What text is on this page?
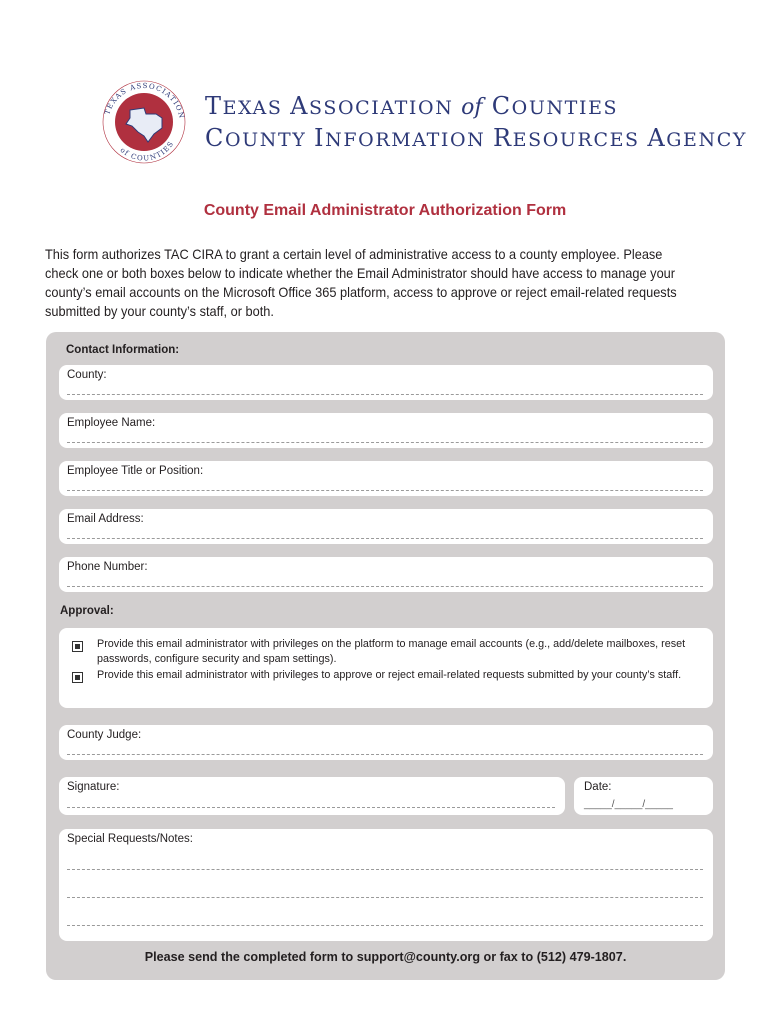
TEXAS ASSOCIATION
of COUNTIES
TEXAS ASSOCIATION of COUNTIES
COUNTY INFORMATION RESOURCES AGENCY
County Email Administrator Authorization Form
This form authorizes TAC CIRA to grant a certain level of administrative access to a county employee. Please check one or both boxes below to indicate whether the Email Administrator should have access to manage your county’s email accounts on the Microsoft Office 365 platform, access to approve or reject email-related requests submitted by your county’s staff, or both.
Contact Information:
County:
Employee Name:
Employee Title or Position:
Email Address:
Phone Number:
Approval:
Provide this email administrator with privileges on the platform to manage email accounts (e.g., add/delete mailboxes, reset passwords, configure security and spam settings).
Provide this email administrator with privileges to approve or reject email-related requests submitted by your county’s staff.
County Judge:
Signature:	Date:
_____/_____/_____
Special Requests/Notes:
Please send the completed form to support@county.org or fax to (512) 479-1807.
